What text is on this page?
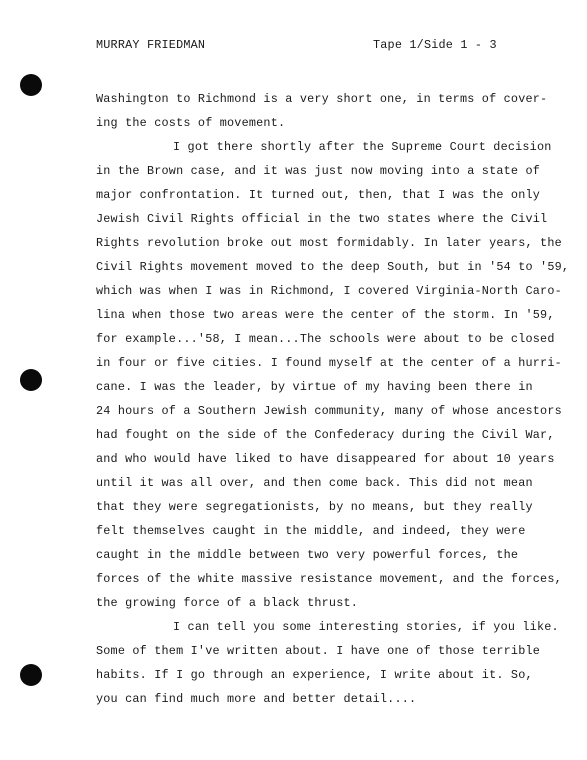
MURRAY FRIEDMAN	Tape 1/Side 1 - 3
Washington to Richmond is a very short one, in terms of cover-
ing the costs of movement.
I got there shortly after the Supreme Court decision
in the Brown case, and it was just now moving into a state of
major confrontation. It turned out, then, that I was the only
Jewish Civil Rights official in the two states where the Civil
Rights revolution broke out most formidably. In later years, the
Civil Rights movement moved to the deep South, but in '54 to '59,
which was when I was in Richmond, I covered Virginia-North Caro-
lina when those two areas were the center of the storm. In '59,
for example...'58, I mean...The schools were about to be closed
in four or five cities. I found myself at the center of a hurri-
cane. I was the leader, by virtue of my having been there in
24 hours of a Southern Jewish community, many of whose ancestors
had fought on the side of the Confederacy during the Civil War,
and who would have liked to have disappeared for about 10 years
until it was all over, and then come back. This did not mean
that they were segregationists, by no means, but they really
felt themselves caught in the middle, and indeed, they were
caught in the middle between two very powerful forces, the
forces of the white massive resistance movement, and the forces,
the growing force of a black thrust.
I can tell you some interesting stories, if you like.
Some of them I've written about. I have one of those terrible
habits. If I go through an experience, I write about it. So,
you can find much more and better detail....
